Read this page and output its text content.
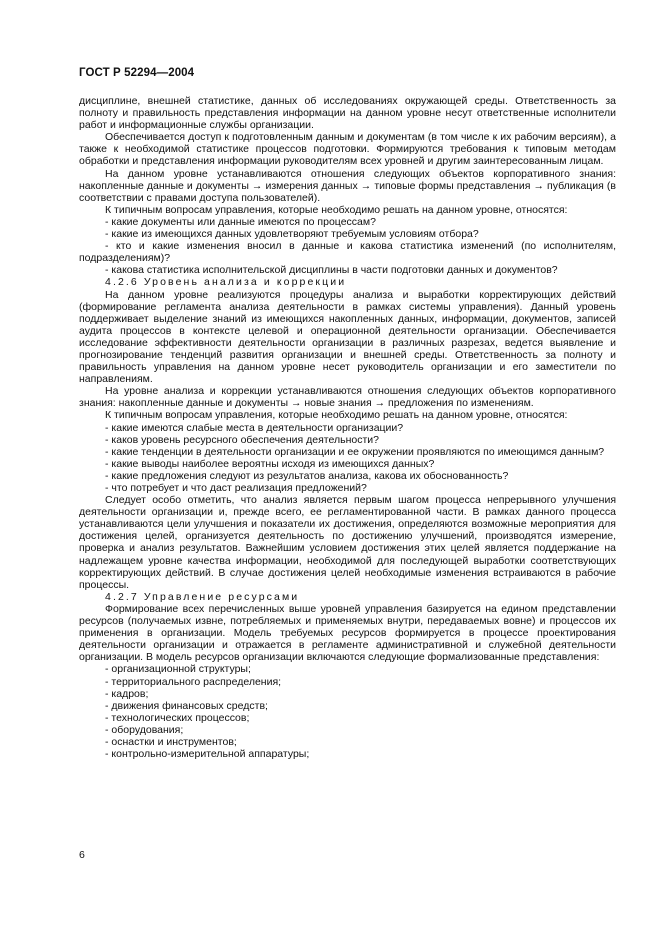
ГОСТ Р 52294—2004

дисциплине, внешней статистике, данных об исследованиях окружающей среды. Ответственность за полноту и правильность представления информации на данном уровне несут ответственные исполнители работ и информационные службы организации.

Обеспечивается доступ к подготовленным данным и документам (в том числе к их рабочим версиям), а также к необходимой статистике процессов подготовки. Формируются требования к типовым методам обработки и представления информации руководителям всех уровней и другим заинтересованным лицам.

На данном уровне устанавливаются отношения следующих объектов корпоративного знания: накопленные данные и документы → измерения данных → типовые формы представления → публикация (в соответствии с правами доступа пользователей).

К типичным вопросам управления, которые необходимо решать на данном уровне, относятся:

- какие документы или данные имеются по процессам?

- какие из имеющихся данных удовлетворяют требуемым условиям отбора?

- кто и какие изменения вносил в данные и какова статистика изменений (по исполнителям, подразделениям)?

- какова статистика исполнительской дисциплины в части подготовки данных и документов?

4.2.6 Уровень анализа и коррекции

На данном уровне реализуются процедуры анализа и выработки корректирующих действий (формирование регламента анализа деятельности в рамках системы управления). Данный уровень поддерживает выделение знаний из имеющихся накопленных данных, информации, документов, записей аудита процессов в контексте целевой и операционной деятельности организации. Обеспечивается исследование эффективности деятельности организации в различных разрезах, ведется выявление и прогнозирование тенденций развития организации и внешней среды. Ответственность за полноту и правильность управления на данном уровне несет руководитель организации и его заместители по направлениям.

На уровне анализа и коррекции устанавливаются отношения следующих объектов корпоративного знания: накопленные данные и документы → новые знания → предложения по изменениям.

К типичным вопросам управления, которые необходимо решать на данном уровне, относятся:

- какие имеются слабые места в деятельности организации?

- каков уровень ресурсного обеспечения деятельности?

- какие тенденции в деятельности организации и ее окружении проявляются по имеющимся данным?

- какие выводы наиболее вероятны исходя из имеющихся данных?

- какие предложения следуют из результатов анализа, какова их обоснованность?

- что потребует и что даст реализация предложений?

Следует особо отметить, что анализ является первым шагом процесса непрерывного улучшения деятельности организации и, прежде всего, ее регламентированной части. В рамках данного процесса устанавливаются цели улучшения и показатели их достижения, определяются возможные мероприятия для достижения целей, организуется деятельность по достижению улучшений, производятся измерение, проверка и анализ результатов. Важнейшим условием достижения этих целей является поддержание на надлежащем уровне качества информации, необходимой для последующей выработки соответствующих корректирующих действий. В случае достижения целей необходимые изменения встраиваются в рабочие процессы.

4.2.7 Управление ресурсами

Формирование всех перечисленных выше уровней управления базируется на едином представлении ресурсов (получаемых извне, потребляемых и применяемых внутри, передаваемых вовне) и процессов их применения в организации. Модель требуемых ресурсов формируется в процессе проектирования деятельности организации и отражается в регламенте административной и служебной деятельности организации. В модель ресурсов организации включаются следующие формализованные представления:

- организационной структуры;

- территориального распределения;

- кадров;

- движения финансовых средств;

- технологических процессов;

- оборудования;

- оснастки и инструментов;

- контрольно-измерительной аппаратуры;

6
